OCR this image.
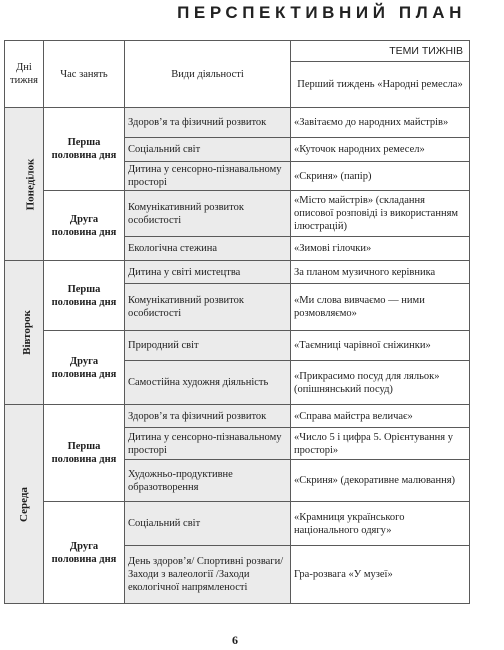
ПЕРСПЕКТИВНИЙ ПЛАН
Дні тижня	Час занять	Види діяльності	ТЕМИ ТИЖНІВ
			Перший тиждень «Народні ремесла»
Понеділок	Перша половина дня	Здоров’я та фізичний розвиток	«Завітаємо до народних майстрів»
		Соціальний світ	«Куточок народних ремесел»
		Дитина у сенсорно-пізнавальному просторі	«Скриня» (папір)
	Друга половина дня	Комунікативний розвиток особистості	«Місто майстрів» (складання описової розповіді із використанням ілюстрацій)
		Екологічна стежина	«Зимові гілочки»
Вівторок	Перша половина дня	Дитина у світі мистецтва	За планом музичного керівника
		Комунікативний розвиток особистості	«Ми слова вивчаємо — ними розмовляємо»
	Друга половина дня	Природний світ	«Таємниці чарівної сніжинки»
		Самостійна художня діяльність	«Прикрасимо посуд для ляльок» (опішнянський посуд)
Середа	Перша половина дня	Здоров’я та фізичний розвиток	«Справа майстра величає»
		Дитина у сенсорно-пізнавальному просторі	«Число 5 і цифра 5. Орієнтування у просторі»
		Художньо-продуктивне образотворення	«Скриня» (декоративне малювання)
	Друга половина дня	Соціальний світ	«Крамниця українського національного одягу»
		День здоров’я/ Спортивні розваги/ Заходи з валеології /Заходи екологічної напрямленості	Гра-розвага «У музеї»
6
